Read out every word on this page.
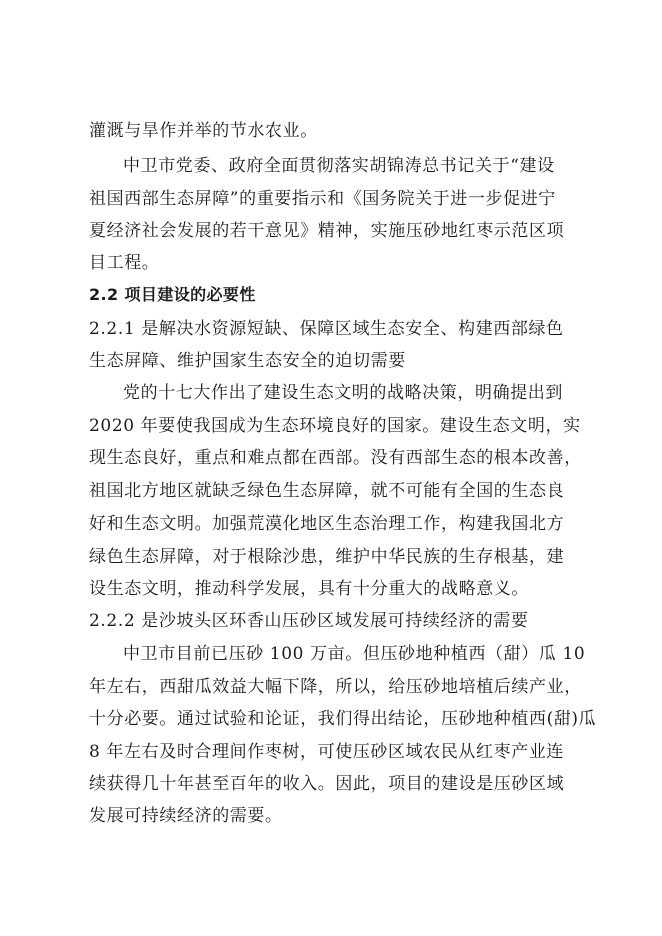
灌溉与旱作并举的节水农业。
中卫市党委、政府全面贯彻落实胡锦涛总书记关于“建设
祖国西部生态屏障”的重要指示和《国务院关于进一步促进宁
夏经济社会发展的若干意见》精神，实施压砂地红枣示范区项
目工程。
2.2 项目建设的必要性
2.2.1 是解决水资源短缺、保障区域生态安全、构建西部绿色
生态屏障、维护国家生态安全的迫切需要
党的十七大作出了建设生态文明的战略决策，明确提出到
2020 年要使我国成为生态环境良好的国家。建设生态文明，实
现生态良好，重点和难点都在西部。没有西部生态的根本改善，
祖国北方地区就缺乏绿色生态屏障，就不可能有全国的生态良
好和生态文明。加强荒漠化地区生态治理工作，构建我国北方
绿色生态屏障，对于根除沙患，维护中华民族的生存根基，建
设生态文明，推动科学发展，具有十分重大的战略意义。
2.2.2 是沙坡头区环香山压砂区域发展可持续经济的需要
中卫市目前已压砂 100 万亩。但压砂地种植西（甜）瓜 10
年左右，西甜瓜效益大幅下降，所以，给压砂地培植后续产业，
十分必要。通过试验和论证，我们得出结论，压砂地种植西(甜)瓜
8 年左右及时合理间作枣树，可使压砂区域农民从红枣产业连
续获得几十年甚至百年的收入。因此，项目的建设是压砂区域
发展可持续经济的需要。
